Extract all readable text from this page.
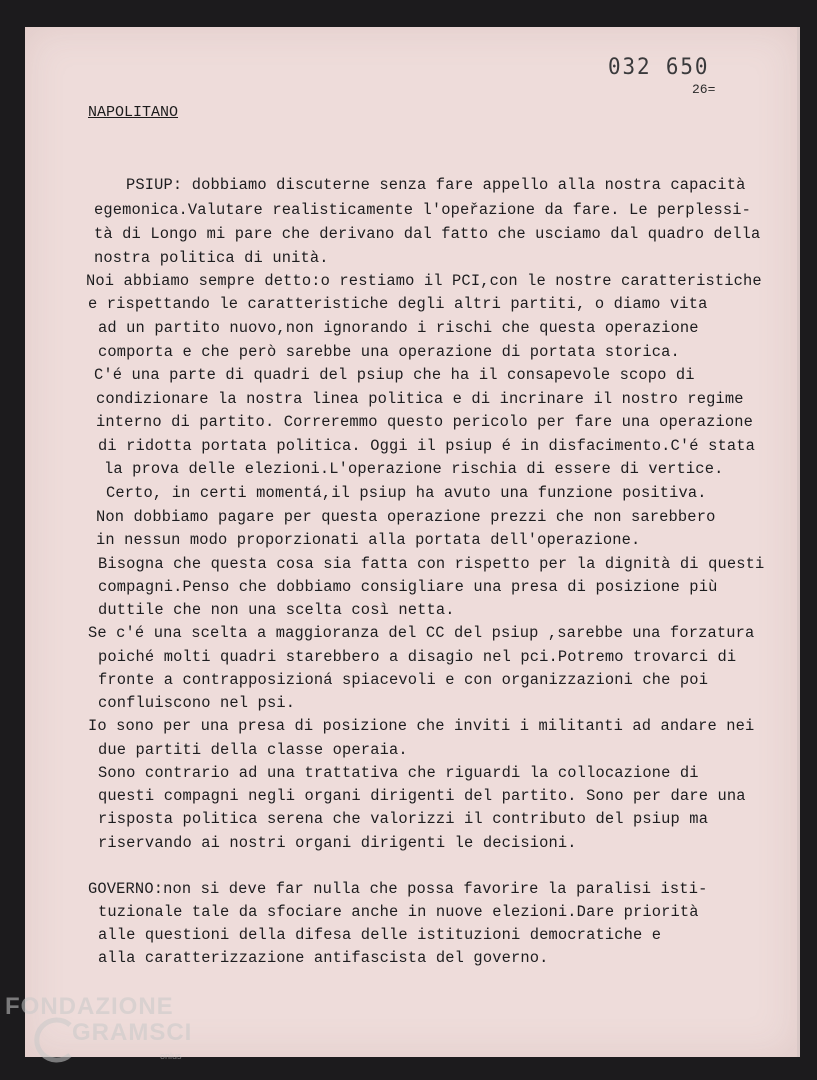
032 650
26=
NAPOLITANO
PSIUP: dobbiamo discuterne senza fare appello alla nostra capacità
egemonica.Valutare realisticamente l'opeřazione da fare. Le perplessi-
tà di Longo mi pare che derivano dal fatto che usciamo dal quadro della
nostra politica di unità.
Noi abbiamo sempre detto:o restiamo il PCI,con le nostre caratteristiche
e rispettando le caratteristiche degli altri partiti, o diamo vita
ad un partito nuovo,non ignorando i rischi che questa operazione
comporta e che però sarebbe una operazione di portata storica.
C'é una parte di quadri del psiup che ha il consapevole scopo di
condizionare la nostra linea politica e di incrinare il nostro regime
interno di partito. Correremmo questo pericolo per fare una operazione
di ridotta portata politica. Oggi il psiup é in disfacimento.C'é stata
la prova delle elezioni.L'operazione rischia di essere di vertice.
Certo, in certi momentá,il psiup ha avuto una funzione positiva.
Non dobbiamo pagare per questa operazione prezzi che non sarebbero
in nessun modo proporzionati alla portata dell'operazione.
Bisogna che questa cosa sia fatta con rispetto per la dignità di questi
compagni.Penso che dobbiamo consigliare una presa di posizione più
duttile che non una scelta così netta.
Se c'é una scelta a maggioranza del CC del psiup ,sarebbe una forzatura
poiché molti quadri starebbero a disagio nel pci.Potremo trovarci di
fronte a contrapposizioná spiacevoli e con organizzazioni che poi
confluiscono nel psi.
Io sono per una presa di posizione che inviti i militanti ad andare nei
due partiti della classe operaia.
Sono contrario ad una trattativa che riguardi la collocazione di
questi compagni negli organi dirigenti del partito. Sono per dare una
risposta politica serena che valorizzi il contributo del psiup ma
riservando ai nostri organi dirigenti le decisioni.
GOVERNO:non si deve far nulla che possa favorire la paralisi isti-
tuzionale tale da sfociare anche in nuove elezioni.Dare priorità
alle questioni della difesa delle istituzioni democratiche e
alla caratterizzazione antifascista del governo.
FONDAZIONE
GRAMSCI
onlus
